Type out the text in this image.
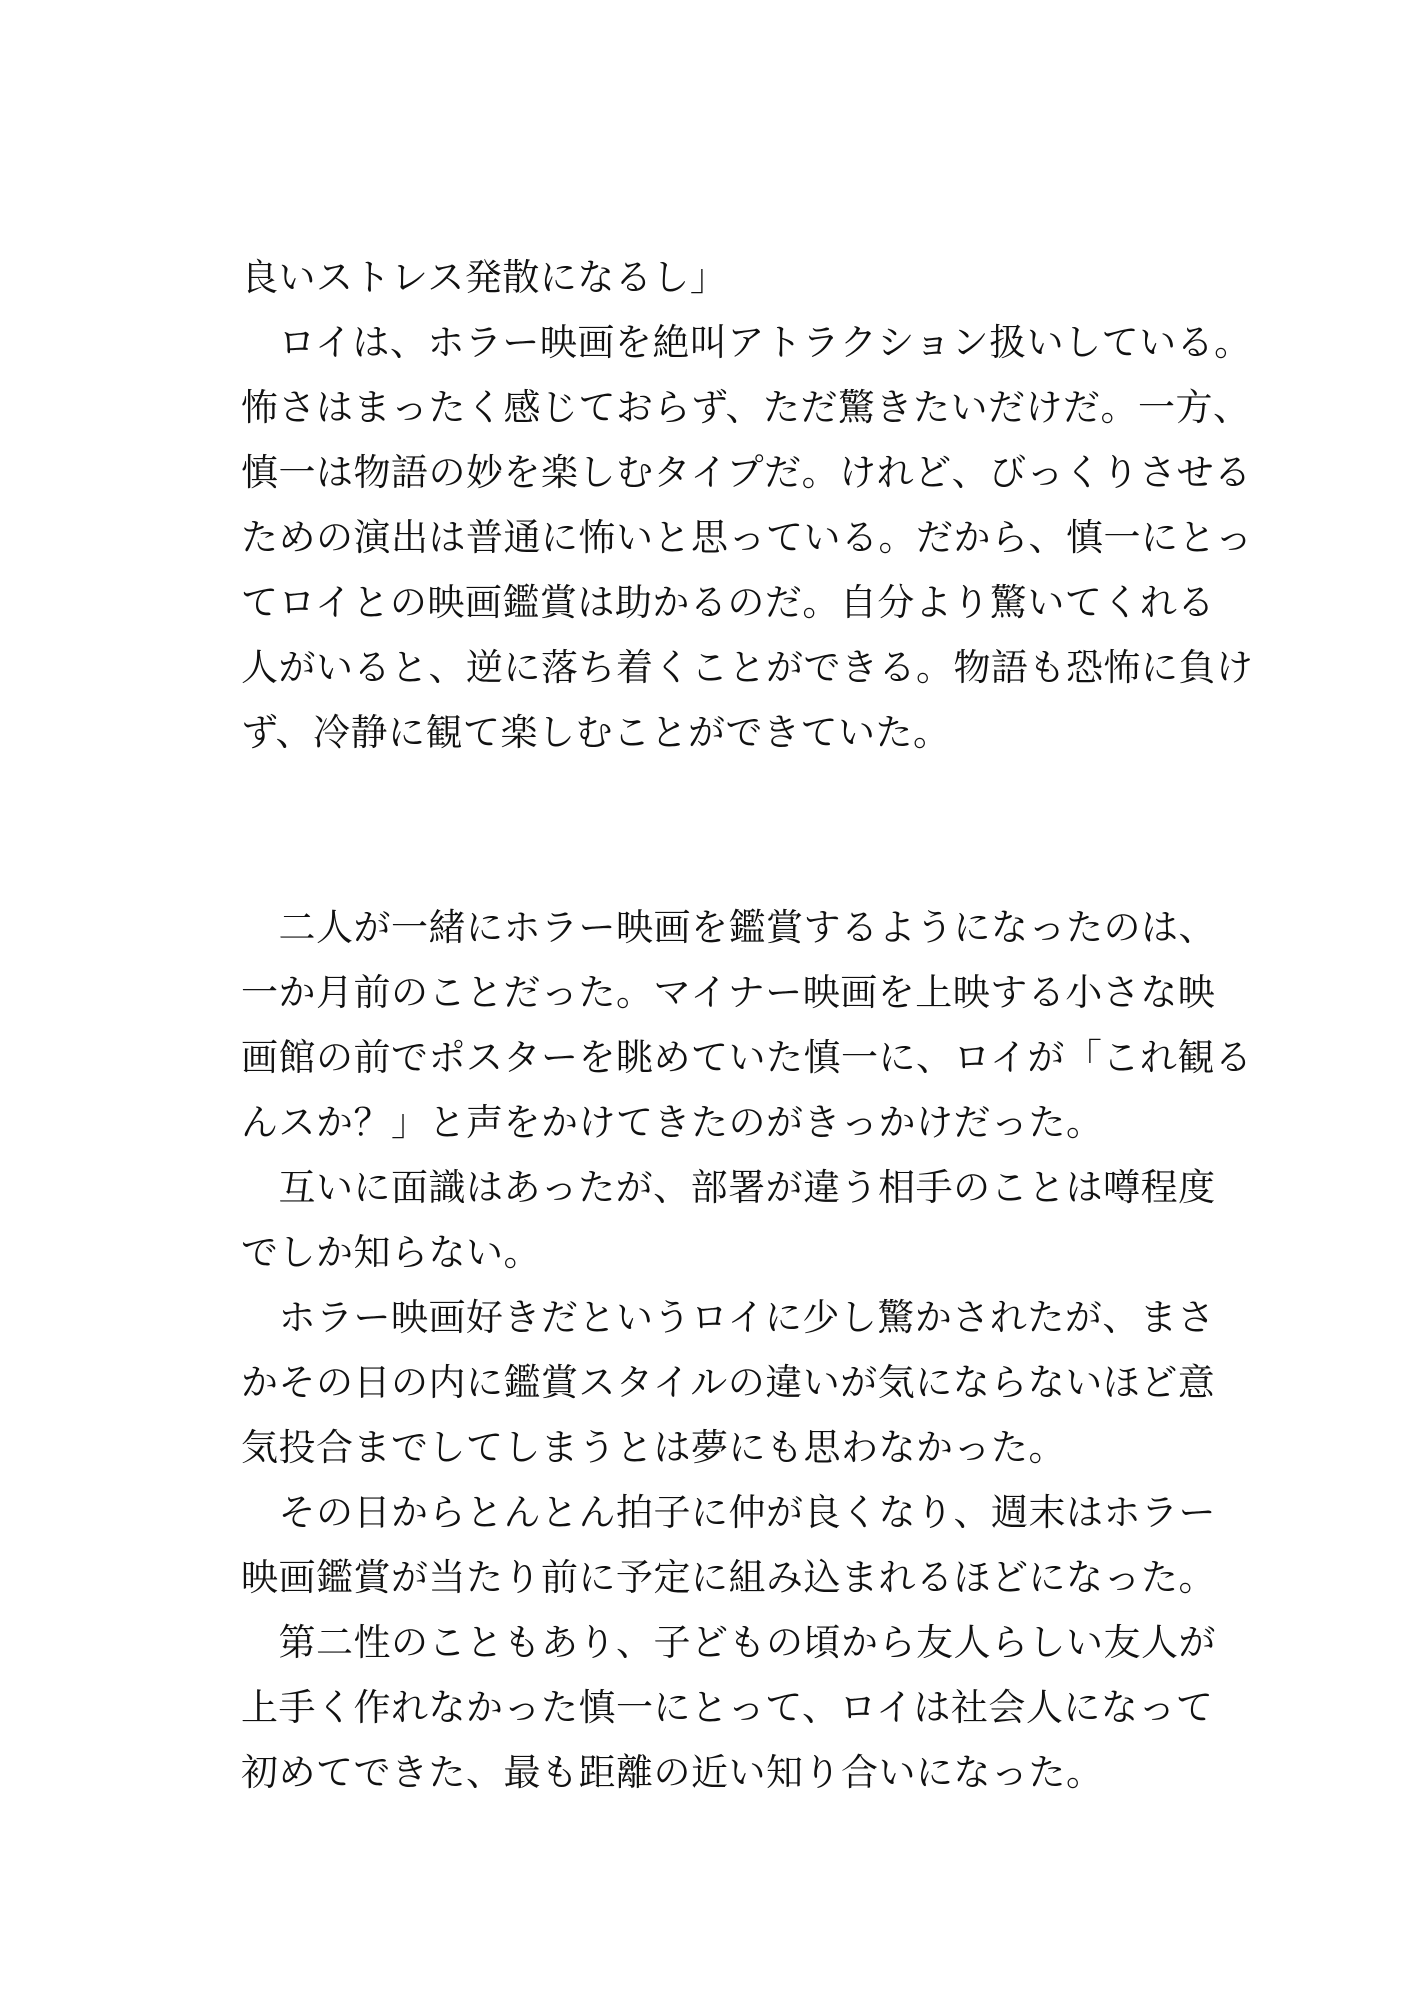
良いストレス発散になるし」
　ロイは、ホラー映画を絶叫アトラクション扱いしている。
怖さはまったく感じておらず、ただ驚きたいだけだ。一方、
慎一は物語の妙を楽しむタイプだ。けれど、びっくりさせる
ための演出は普通に怖いと思っている。だから、慎一にとっ
てロイとの映画鑑賞は助かるのだ。自分より驚いてくれる
人がいると、逆に落ち着くことができる。物語も恐怖に負け
ず、冷静に観て楽しむことができていた。
　二人が一緒にホラー映画を鑑賞するようになったのは、
一か月前のことだった。マイナー映画を上映する小さな映
画館の前でポスターを眺めていた慎一に、ロイが「これ観る
んスか？」と声をかけてきたのがきっかけだった。
　互いに面識はあったが、部署が違う相手のことは噂程度
でしか知らない。
　ホラー映画好きだというロイに少し驚かされたが、まさ
かその日の内に鑑賞スタイルの違いが気にならないほど意
気投合までしてしまうとは夢にも思わなかった。
　その日からとんとん拍子に仲が良くなり、週末はホラー
映画鑑賞が当たり前に予定に組み込まれるほどになった。
　第二性のこともあり、子どもの頃から友人らしい友人が
上手く作れなかった慎一にとって、ロイは社会人になって
初めてできた、最も距離の近い知り合いになった。
